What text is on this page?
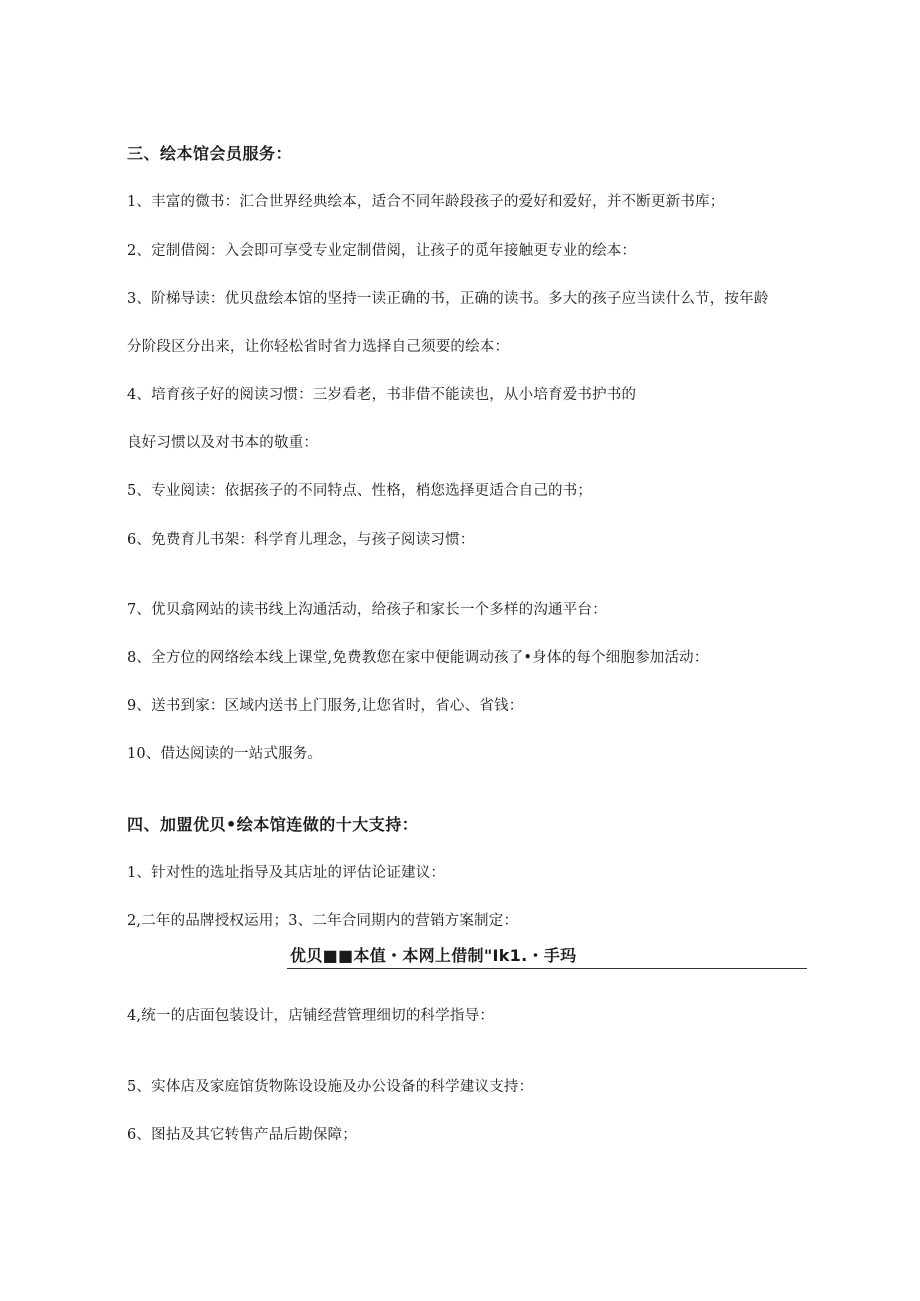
三、绘本馆会员服务：
1、丰富的微书：汇合世界经典绘本，适合不同年龄段孩子的爱好和爱好，并不断更新书库；
2、定制借阅：入会即可享受专业定制借阅，让孩子的觅年接触更专业的绘本：
3、阶梯导读：优贝盘绘本馆的坚持一读正确的书，正确的读书。多大的孩子应当读什么节，按年龄
分阶段区分出来，让你轻松省时省力选择自己须要的绘本：
4、培育孩子好的阅读习惯：三岁看老，书非借不能读也，从小培育爱书护书的
良好习惯以及对书本的敬重：
5、专业阅读：依据孩子的不同特点、性格，梢您选择更适合自己的书；
6、免费育儿书架：科学育儿理念，与孩子阅读习惯：
7、优贝翕网站的读书线上沟通活动，给孩子和家长一个多样的沟通平台：
8、全方位的网络绘本线上课堂,免费教您在家中便能调动孩了•身体的每个细胞参加活动：
9、送书到家：区域内送书上门服务,让您省时，省心、省钱：
10、借达阅读的一站式服务。
四、加盟优贝•绘本馆连做的十大支持：
1、针对性的选址指导及其店址的评估论证建议：
2,二年的品牌授权运用；3、二年合同期内的营销方案制定：
优贝■■本值・本网上借制"Ik1.・手玛
4,统一的店面包装设计，店铺经营管理细切的科学指导：
5、实体店及家庭馆货物陈设设施及办公设备的科学建议支持：
6、图拈及其它转售产品后勘保障；
